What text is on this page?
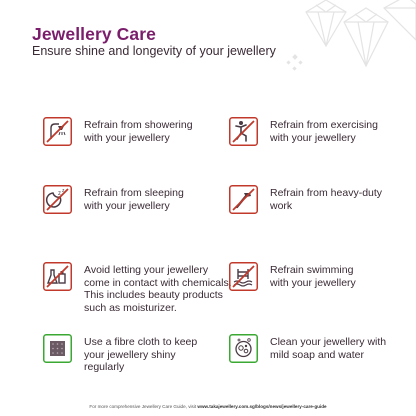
Jewellery Care
Ensure shine and longevity of your jewellery
Refrain from showering
with your jewellery
Refrain from exercising
with your jewellery
z z Refrain from sleeping
with your jewellery
Refrain from heavy-duty
work
Avoid letting your jewellery
come in contact with chemicals.
This includes beauty products
such as moisturizer.
Refrain swimming
with your jewellery
Use a fibre cloth to keep
your jewellery shiny
regularly
Clean your jewellery with
mild soap and water
For more comprehensive Jewellery Care Guide, visit www.takajewellery.com.sg/blogs/news/jewellery-care-guide
